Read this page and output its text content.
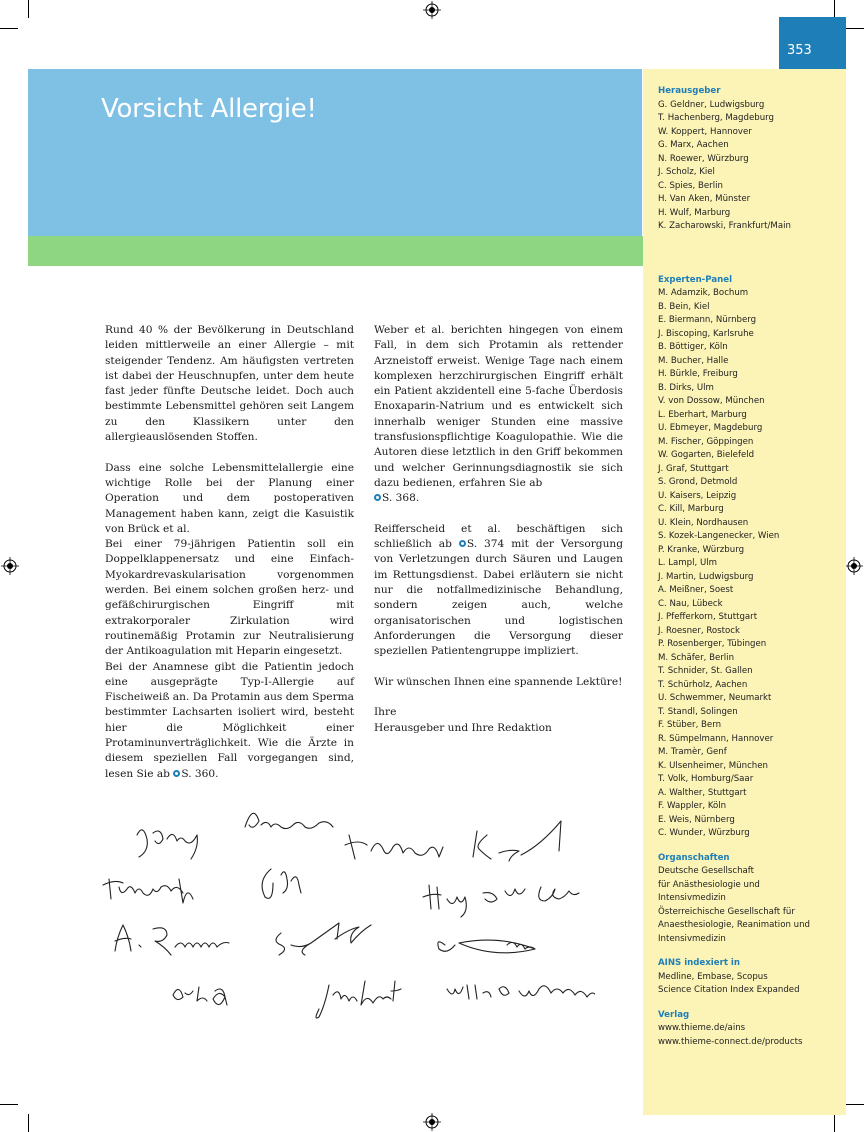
353
Vorsicht Allergie!
Herausgeber
G. Geldner, Ludwigsburg
T. Hachenberg, Magdeburg
W. Koppert, Hannover
G. Marx, Aachen
N. Roewer, Würzburg
J. Scholz, Kiel
C. Spies, Berlin
H. Van Aken, Münster
H. Wulf, Marburg
K. Zacharowski, Frankfurt/Main
Experten-Panel
M. Adamzik, Bochum
B. Bein, Kiel
E. Biermann, Nürnberg
J. Biscoping, Karlsruhe
B. Böttiger, Köln
M. Bucher, Halle
H. Bürkle, Freiburg
B. Dirks, Ulm
V. von Dossow, München
L. Eberhart, Marburg
U. Ebmeyer, Magdeburg
M. Fischer, Göppingen
W. Gogarten, Bielefeld
J. Graf, Stuttgart
S. Grond, Detmold
U. Kaisers, Leipzig
C. Kill, Marburg
U. Klein, Nordhausen
S. Kozek-Langenecker, Wien
P. Kranke, Würzburg
L. Lampl, Ulm
J. Martin, Ludwigsburg
A. Meißner, Soest
C. Nau, Lübeck
J. Pfefferkorn, Stuttgart
J. Roesner, Rostock
P. Rosenberger, Tübingen
M. Schäfer, Berlin
T. Schnider, St. Gallen
T. Schürholz, Aachen
U. Schwemmer, Neumarkt
T. Standl, Solingen
F. Stüber, Bern
R. Sümpelmann, Hannover
M. Tramèr, Genf
K. Ulsenheimer, München
T. Volk, Homburg/Saar
A. Walther, Stuttgart
F. Wappler, Köln
E. Weis, Nürnberg
C. Wunder, Würzburg
Organschaften
Deutsche Gesellschaft
für Anästhesiologie und
Intensivmedizin
Österreichische Gesellschaft für
Anaesthesiologie, Reanimation und
Intensivmedizin
AINS indexiert in
Medline, Embase, Scopus
Science Citation Index Expanded
Verlag
www.thieme.de/ains
www.thieme-connect.de/products

Rund 40 % der Bevölkerung in Deutschland leiden mittlerweile an einer Allergie – mit steigender Tendenz. Am häufigsten vertreten ist dabei der Heuschnupfen, unter dem heute fast jeder fünfte Deutsche leidet. Doch auch bestimmte Lebensmittel gehören seit Langem zu den Klassikern unter den allergieauslösenden Stoffen.

Dass eine solche Lebensmittelallergie eine wichtige Rolle bei der Planung einer Operation und dem postoperativen Management haben kann, zeigt die Kasuistik von Brück et al.

Bei einer 79-jährigen Patientin soll ein Doppelklappenersatz und eine Einfach-Myokardrevaskularisation vorgenommen werden. Bei einem solchen großen herz- und gefäßchirurgischen Eingriff mit extrakorporaler Zirkulation wird routinemäßig Protamin zur Neutralisierung der Antikoagulation mit Heparin eingesetzt.

Bei der Anamnese gibt die Patientin jedoch eine ausgeprägte Typ-I-Allergie auf Fischeiweiß an. Da Protamin aus dem Sperma bestimmter Lachsarten isoliert wird, besteht hier die Möglichkeit einer Protaminunverträglichkeit. Wie die Ärzte in diesem speziellen Fall vorgegangen sind, lesen Sie ab S. 360.

Weber et al. berichten hingegen von einem Fall, in dem sich Protamin als rettender Arzneistoff erweist. Wenige Tage nach einem komplexen herzchirurgischen Eingriff erhält ein Patient akzidentell eine 5-fache Überdosis Enoxaparin-Natrium und es entwickelt sich innerhalb weniger Stunden eine massive transfusionspflichtige Koagulopathie. Wie die Autoren diese letztlich in den Griff bekommen und welcher Gerinnungsdiagnostik sie sich dazu bedienen, erfahren Sie ab
S. 368.

Reifferscheid et al. beschäftigen sich schließlich ab S. 374 mit der Versorgung von Verletzungen durch Säuren und Laugen im Rettungsdienst. Dabei erläutern sie nicht nur die notfallmedizinische Behandlung, sondern zeigen auch, welche organisatorischen und logistischen Anforderungen die Versorgung dieser speziellen Patientengruppe impliziert.

Wir wünschen Ihnen eine spannende Lektüre!

Ihre

Herausgeber und Ihre Redaktion
